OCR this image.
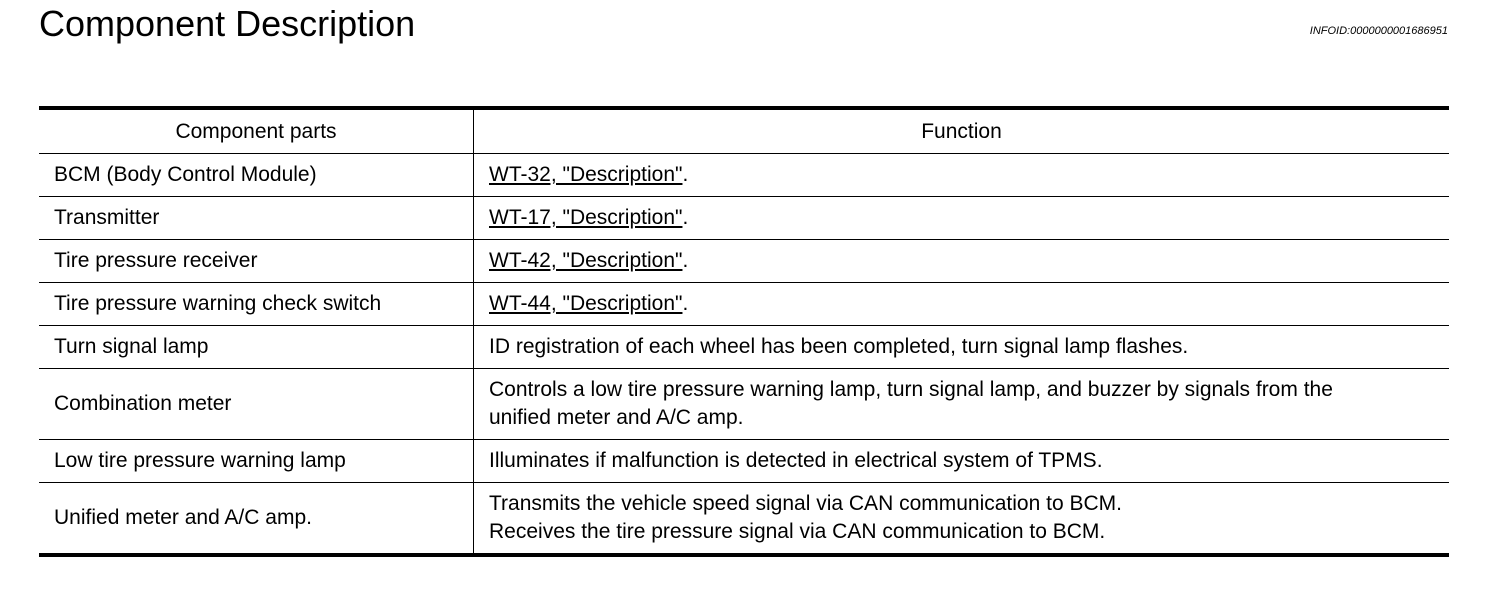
Component Description	INFOID:0000000001686951
Component parts	Function
BCM (Body Control Module)	WT-32, "Description".
Transmitter	WT-17, "Description".
Tire pressure receiver	WT-42, "Description".
Tire pressure warning check switch	WT-44, "Description".
Turn signal lamp	ID registration of each wheel has been completed, turn signal lamp flashes.
Combination meter	Controls a low tire pressure warning lamp, turn signal lamp, and buzzer by signals from the
unified meter and A/C amp.

Low tire pressure warning lamp	Illuminates if malfunction is detected in electrical system of TPMS.
Unified meter and A/C amp.	Transmits the vehicle speed signal via CAN communication to BCM.
Receives the tire pressure signal via CAN communication to BCM.
